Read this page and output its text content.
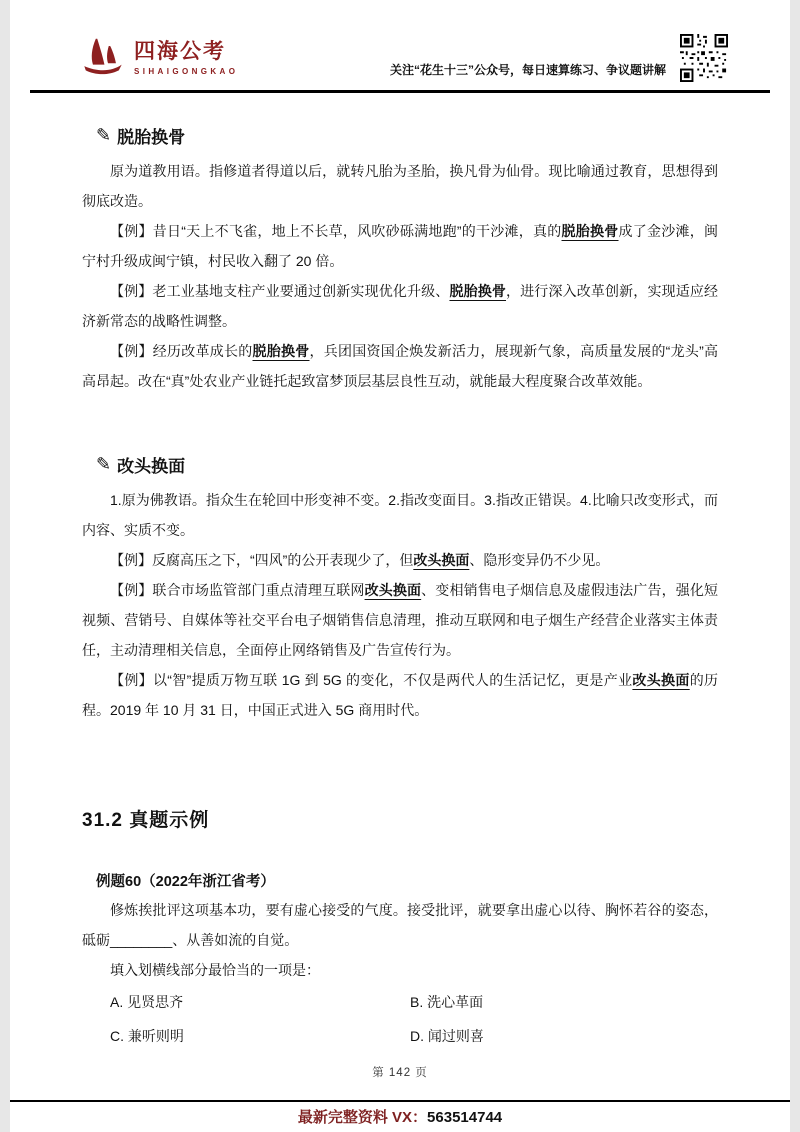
四海公考
SIHAIGONGKAO	关注“花生十三”公众号，每日速算练习、争议题讲解
✎ 脱胎换骨

原为道教用语。指修道者得道以后，就转凡胎为圣胎，换凡骨为仙骨。现比喻通过教育，思想得到彻底改造。

【例】昔日“天上不飞雀，地上不长草，风吹砂砾满地跑”的干沙滩，真的脱胎换骨成了金沙滩，闽宁村升级成闽宁镇，村民收入翻了 20 倍。

【例】老工业基地支柱产业要通过创新实现优化升级、脱胎换骨，进行深入改革创新，实现适应经济新常态的战略性调整。

【例】经历改革成长的脱胎换骨，兵团国资国企焕发新活力，展现新气象，高质量发展的“龙头”高高昂起。改在“真”处农业产业链托起致富梦顶层基层良性互动，就能最大程度聚合改革效能。

✎ 改头换面

1.原为佛教语。指众生在轮回中形变神不变。2.指改变面目。3.指改正错误。4.比喻只改变形式，而内容、实质不变。

【例】反腐高压之下，“四风”的公开表现少了，但改头换面、隐形变异仍不少见。

【例】联合市场监管部门重点清理互联网改头换面、变相销售电子烟信息及虚假违法广告，强化短视频、营销号、自媒体等社交平台电子烟销售信息清理，推动互联网和电子烟生产经营企业落实主体责任，主动清理相关信息，全面停止网络销售及广告宣传行为。

【例】以“智”提质万物互联 1G 到 5G 的变化，不仅是两代人的生活记忆，更是产业改头换面的历程。2019 年 10 月 31 日，中国正式进入 5G 商用时代。

31.2 真题示例
例题60（2022年浙江省考）

修炼挨批评这项基本功，要有虚心接受的气度。接受批评，就要拿出虚心以待、胸怀若谷的姿态，砥砺________、从善如流的自觉。

填入划横线部分最恰当的一项是：

A. 见贤思齐	B. 洗心革面
C. 兼听则明	D. 闻过则喜
第 142 页
最新完整资料 VX：563514744
